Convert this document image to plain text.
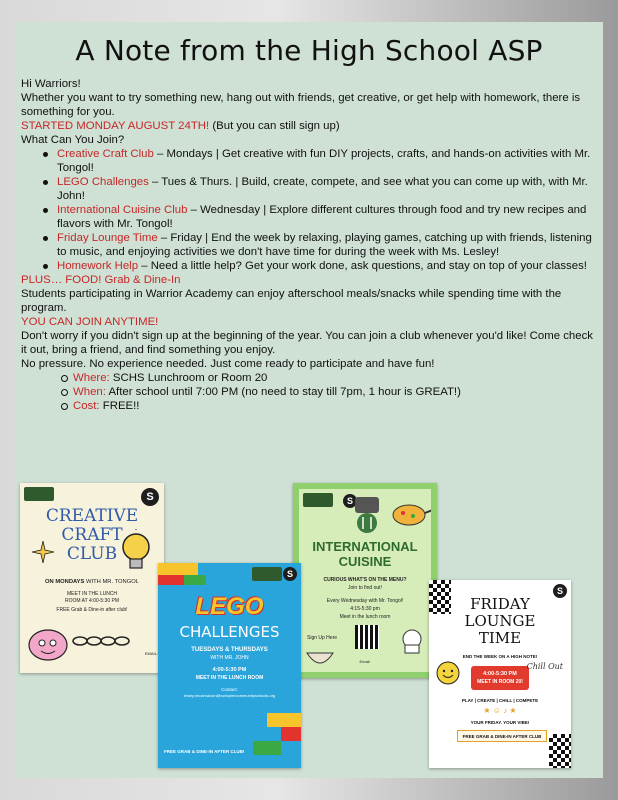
A Note from the High School ASP

Hi Warriors!

Whether you want to try something new, hang out with friends, get creative, or get help with homework, there is something for you.

STARTED MONDAY AUGUST 24TH! (But you can still sign up)

What Can You Join?

Creative Craft Club – Mondays | Get creative with fun DIY projects, crafts, and hands-on activities with Mr. Tongol!
LEGO Challenges – Tues & Thurs. | Build, create, compete, and see what you can come up with, with Mr. John!
International Cuisine Club – Wednesday | Explore different cultures through food and try new recipes and flavors with Mr. Tongol!
Friday Lounge Time – Friday | End the week by relaxing, playing games, catching up with friends, listening to music, and enjoying activities we don't have time for during the week with Ms. Lesley!
Homework Help – Need a little help? Get your work done, ask questions, and stay on top of your classes!

PLUS… FOOD! Grab & Dine-In

Students participating in Warrior Academy can enjoy afterschool meals/snacks while spending time with the program.

YOU CAN JOIN ANYTIME!

Don't worry if you didn't sign up at the beginning of the year. You can join a club whenever you'd like! Come check it out, bring a friend, and find something you enjoy.

No pressure. No experience needed. Just come ready to participate and have fun!

Where: SCHS Lunchroom or Room 20
When: After school until 7:00 PM (no need to stay till 7pm, 1 hour is GREAT!)
Cost: FREE!!
S
CREATIVE
CRAFT
CLUB
ON MONDAYS WITH MR. TONGOL
MEET IN THE LUNCH
ROOM AT 4:00-5:30 PM
FREE Grab & Dine-in after club!
EMAIL:
S
INTERNATIONAL
CUISINE
CURIOUS WHAT'S ON THE MENU?
Join to find out!
Every Wednesday with Mr. Tongol!
4:15-5:30 pm
Meet in the lunch room
Sign Up Here
Email:
S
LEGO
CHALLENGES
TUESDAYS & THURSDAYS
WITH MR. JOHN
4:00-5:30 PM
MEET IN THE LUNCH ROOM
Contact:
lesley.encarnacion@schuylercommunityschools.org
FREE GRAB & DINE-IN AFTER CLUB!
S
FRIDAY
LOUNGE
TIME
END THE WEEK ON A HIGH NOTE!
4:00-5:30 PM
MEET IN ROOM 20!
Chill Out
PLAY | CREATE | CHILL | COMPETE
★ ☺ ♪ ★
YOUR FRIDAY. YOUR VIBE!
FREE GRAB & DINE-IN AFTER CLUB
